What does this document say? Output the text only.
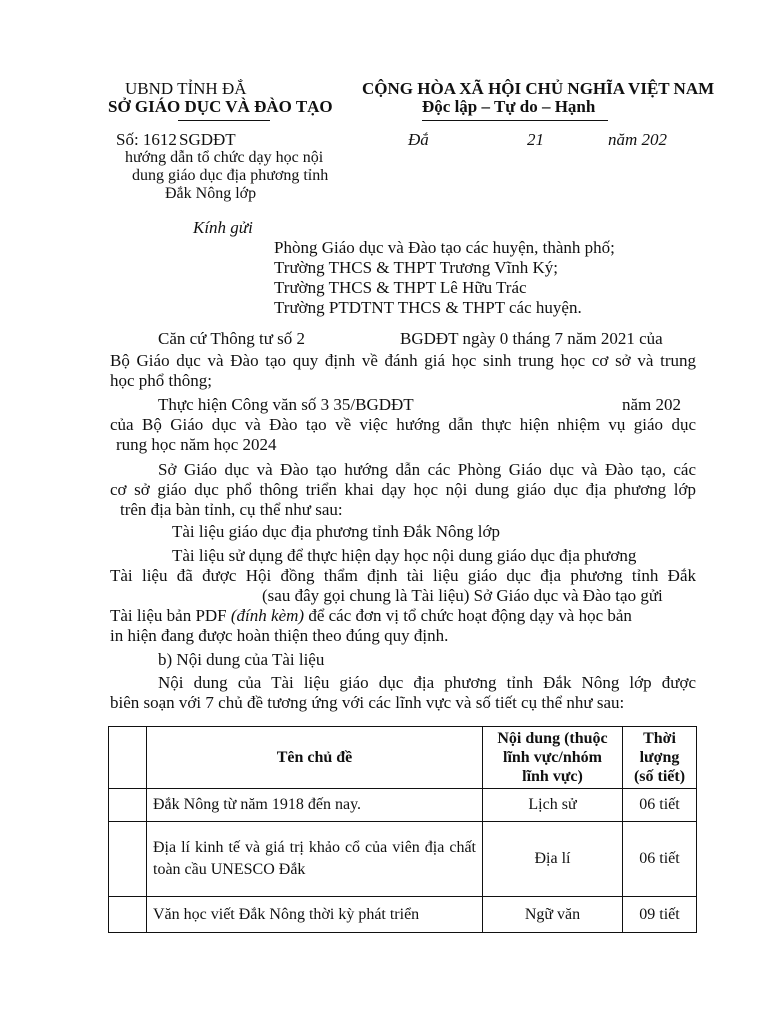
UBND TỈNH ĐẮ
SỞ GIÁO DỤC VÀ ĐÀO TẠO
CỘNG HÒA XÃ HỘI CHỦ NGHĨA VIỆT NAM
Độc lập – Tự do – Hạnh
Số: 1612 SGDĐT	Đắ	21	năm 202
hướng dẫn tổ chức dạy học nội
dung giáo dục địa phương tỉnh
Đắk Nông lớp
Kính gửi
Phòng Giáo dục và Đào tạo các huyện, thành phố;
Trường THCS & THPT Trương Vĩnh Ký;
Trường THCS & THPT Lê Hữu Trác
Trường PTDTNT THCS & THPT các huyện.
Căn cứ Thông tư số 2	BGDĐT ngày 0 tháng 7 năm 2021 của
Bộ Giáo dục và Đào tạo quy định về đánh giá học sinh trung học cơ sở và trung
học phổ thông;
Thực hiện Công văn số 3 35/BGDĐT	năm 202
của Bộ Giáo dục và Đào tạo về việc hướng dẫn thực hiện nhiệm vụ giáo dục
rung học năm học 2024
Sở Giáo dục và Đào tạo hướng dẫn các Phòng Giáo dục và Đào tạo, các
cơ sở giáo dục phổ thông triển khai dạy học nội dung giáo dục địa phương lớp
trên địa bàn tỉnh, cụ thể như sau:
Tài liệu giáo dục địa phương tỉnh Đắk Nông lớp
Tài liệu sử dụng để thực hiện dạy học nội dung giáo dục địa phương
Tài liệu đã được Hội đồng thẩm định tài liệu giáo dục địa phương tỉnh Đắk
(sau đây gọi chung là Tài liệu) Sở Giáo dục và Đào tạo gửi
Tài liệu bản PDF (đính kèm) để các đơn vị tổ chức hoạt động dạy và học bản
in hiện đang được hoàn thiện theo đúng quy định.
b) Nội dung của Tài liệu
Nội dung của Tài liệu giáo dục địa phương tỉnh Đắk Nông lớp được
biên soạn với 7 chủ đề tương ứng với các lĩnh vực và số tiết cụ thể như sau:
	Tên chủ đề	Nội dung (thuộc lĩnh vực/nhóm lĩnh vực)	Thời lượng (số tiết)
	Đắk Nông từ năm 1918 đến nay.	Lịch sử	06 tiết
	Địa lí kinh tế và giá trị khảo cổ của viên địa chất toàn cầu UNESCO Đắk	Địa lí	06 tiết
	Văn học viết Đắk Nông thời kỳ phát triển	Ngữ văn	09 tiết
